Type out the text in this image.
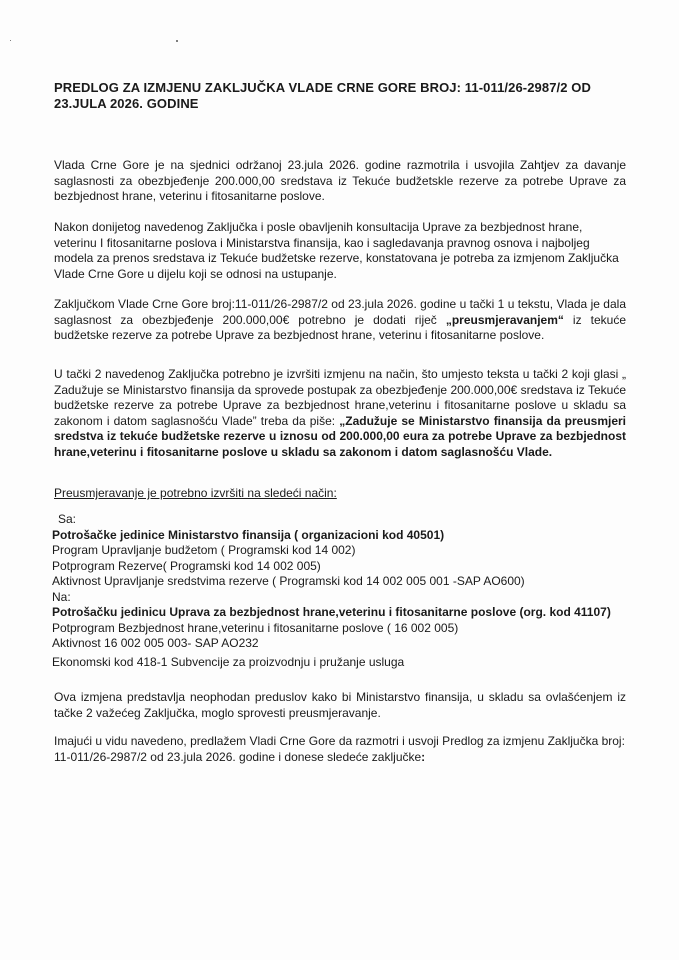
PREDLOG ZA IZMJENU ZAKLJUČKA VLADE CRNE GORE BROJ: 11-011/26-2987/2 OD 23.JULA 2026. GODINE
Vlada Crne Gore je na sjednici održanoj 23.jula 2026. godine razmotrila i usvojila Zahtjev za davanje saglasnosti za obezbjeđenje 200.000,00 sredstava iz Tekuće budžetskle rezerve za potrebe Uprave za bezbjednost hrane, veterinu i fitosanitarne poslove.
Nakon donijetog navedenog Zaključka i posle obavljenih konsultacija Uprave za bezbjednost hrane, veterinu I fitosanitarne poslova i Ministarstva finansija, kao i sagledavanja pravnog osnova i najboljeg modela za prenos sredstava iz Tekuće budžetske rezerve, konstatovana je potreba za izmjenom Zaključka Vlade Crne Gore u dijelu koji se odnosi na ustupanje.
Zaključkom Vlade Crne Gore broj:11-011/26-2987/2 od 23.jula 2026. godine u tački 1 u tekstu, Vlada je dala saglasnost za obezbjeđenje 200.000,00€ potrebno je dodati riječ „preusmjeravanjem“ iz tekuće budžetske rezerve za potrebe Uprave za bezbjednost hrane, veterinu i fitosanitarne poslove.
U tački 2 navedenog Zaključka potrebno je izvršiti izmjenu na način, što umjesto teksta u tački 2 koji glasi „ Zadužuje se Ministarstvo finansija da sprovede postupak za obezbjeđenje 200.000,00€ sredstava iz Tekuće budžetske rezerve za potrebe Uprave za bezbjednost hrane,veterinu i fitosanitarne poslove u skladu sa zakonom i datom saglasnošću Vlade” treba da piše: „Zadužuje se Ministarstvo finansija da preusmjeri sredstva iz tekuće budžetske rezerve u iznosu od 200.000,00 eura za potrebe Uprave za bezbjednost hrane,veterinu i fitosanitarne poslove u skladu sa zakonom i datom saglasnošću Vlade.
Preusmjeravanje je potrebno izvršiti na sledeći način:
Sa:
Potrošačke jedinice Ministarstvo finansija ( organizacioni kod 40501)
Program Upravljanje budžetom ( Programski kod 14 002)
Potprogram Rezerve( Programski kod 14 002 005)
Aktivnost Upravljanje sredstvima rezerve ( Programski kod 14 002 005 001 -SAP AO600)
Na:
Potrošačku jedinicu Uprava za bezbjednost hrane,veterinu i fitosanitarne poslove (org. kod 41107)
Potprogram Bezbjednost hrane,veterinu i fitosanitarne poslove ( 16 002 005)
Aktivnost 16 002 005 003- SAP AO232
Ekonomski kod 418-1 Subvencije za proizvodnju i pružanje usluga
Ova izmjena predstavlja neophodan preduslov kako bi Ministarstvo finansija, u skladu sa ovlašćenjem iz tačke 2 važećeg Zaključka, moglo sprovesti preusmjeravanje.
Imajući u vidu navedeno, predlažem Vladi Crne Gore da razmotri i usvoji Predlog za izmjenu Zaključka broj: 11-011/26-2987/2 od 23.jula 2026. godine i donese sledeće zaključke:
